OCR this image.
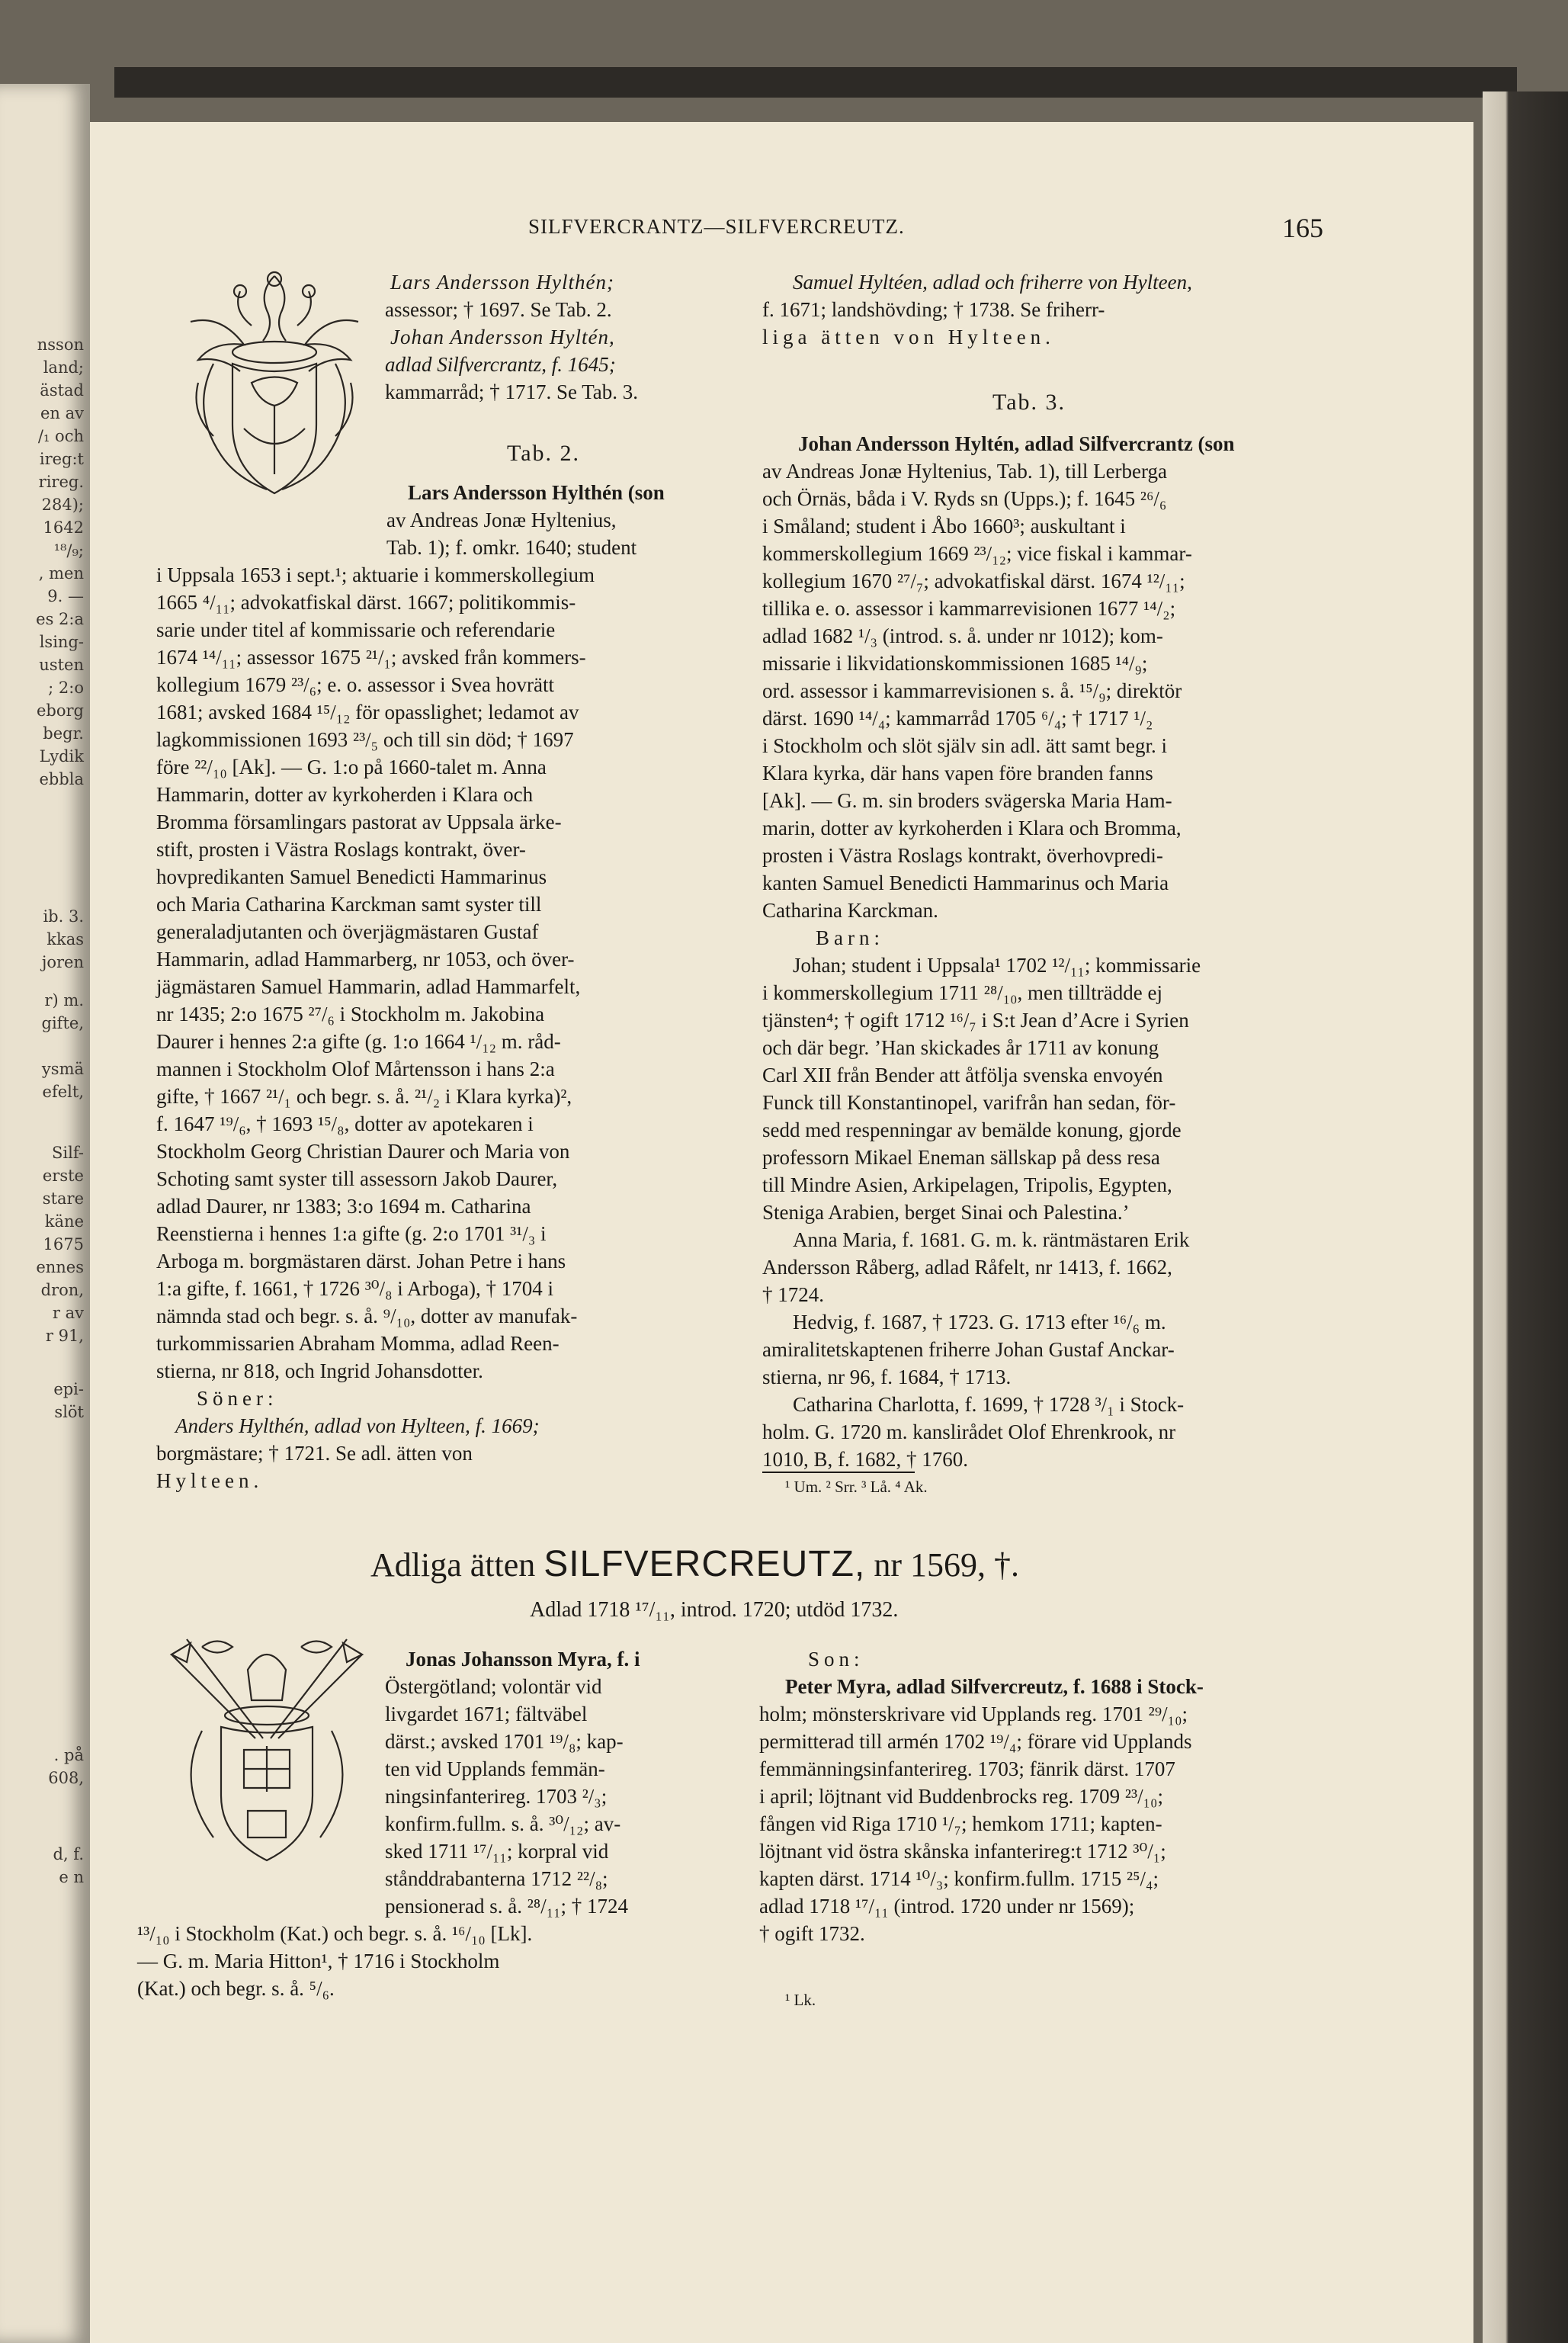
nsson
land;
ästad
en av
/₁ och
ireg:t
rireg.
284);
1642
¹⁸/₉;
, men
9. —
es 2:a
lsing-
usten
; 2:o
eborg
begr.
Lydik
ebbla
ib. 3.
kkas
joren
r) m.
gifte,
ysmä
efelt,
Silf-
erste
stare
käne
1675
ennes
dron,
r av
r 91,
epi-
slöt
. på
608,
d, f.
e n
SILFVERCRANTZ—SILFVERCREUTZ.	165
Lars Andersson Hylthén;
assessor; † 1697. Se Tab. 2.
Johan Andersson Hyltén,
adlad Silfvercrantz, f. 1645;
kammarråd; † 1717. Se Tab. 3.
Tab. 2.
Lars Andersson Hylthén (son
av Andreas Jonæ Hyltenius,
Tab. 1); f. omkr. 1640; student
i Uppsala 1653 i sept.¹; aktuarie i kommerskollegium
1665 ⁴/₁₁; advokatfiskal därst. 1667; politikommis-
sarie under titel af kommissarie och referendarie
1674 ¹⁴/₁₁; assessor 1675 ²¹/₁; avsked från kommers-
kollegium 1679 ²³/₆; e. o. assessor i Svea hovrätt
1681; avsked 1684 ¹⁵/₁₂ för opasslighet; ledamot av
lagkommissionen 1693 ²³/₅ och till sin död; † 1697
före ²²/₁₀ [Ak]. — G. 1:o på 1660-talet m. Anna
Hammarin, dotter av kyrkoherden i Klara och
Bromma församlingars pastorat av Uppsala ärke-
stift, prosten i Västra Roslags kontrakt, över-
hovpredikanten Samuel Benedicti Hammarinus
och Maria Catharina Karckman samt syster till
generaladjutanten och överjägmästaren Gustaf
Hammarin, adlad Hammarberg, nr 1053, och över-
jägmästaren Samuel Hammarin, adlad Hammarfelt,
nr 1435; 2:o 1675 ²⁷/₆ i Stockholm m. Jakobina
Daurer i hennes 2:a gifte (g. 1:o 1664 ¹/₁₂ m. råd-
mannen i Stockholm Olof Mårtensson i hans 2:a
gifte, † 1667 ²¹/₁ och begr. s. å. ²¹/₂ i Klara kyrka)²,
f. 1647 ¹⁹/₆, † 1693 ¹⁵/₈, dotter av apotekaren i
Stockholm Georg Christian Daurer och Maria von
Schoting samt syster till assessorn Jakob Daurer,
adlad Daurer, nr 1383; 3:o 1694 m. Catharina
Reenstierna i hennes 1:a gifte (g. 2:o 1701 ³¹/₃ i
Arboga m. borgmästaren därst. Johan Petre i hans
1:a gifte, f. 1661, † 1726 ³⁰/₈ i Arboga), † 1704 i
nämnda stad och begr. s. å. ⁹/₁₀, dotter av manufak-
turkommissarien Abraham Momma, adlad Reen-
stierna, nr 818, och Ingrid Johansdotter.
Söner:
Anders Hylthén, adlad von Hylteen, f. 1669;
borgmästare; † 1721. Se adl. ätten von
Hylteen.
Samuel Hyltéen, adlad och friherre von Hylteen,
f. 1671; landshövding; † 1738. Se friherr-
liga ätten von Hylteen.
Tab. 3.
Johan Andersson Hyltén, adlad Silfvercrantz (son
av Andreas Jonæ Hyltenius, Tab. 1), till Lerberga
och Örnäs, båda i V. Ryds sn (Upps.); f. 1645 ²⁶/₆
i Småland; student i Åbo 1660³; auskultant i
kommerskollegium 1669 ²³/₁₂; vice fiskal i kammar-
kollegium 1670 ²⁷/₇; advokatfiskal därst. 1674 ¹²/₁₁;
tillika e. o. assessor i kammarrevisionen 1677 ¹⁴/₂;
adlad 1682 ¹/₃ (introd. s. å. under nr 1012); kom-
missarie i likvidationskommissionen 1685 ¹⁴/₉;
ord. assessor i kammarrevisionen s. å. ¹⁵/₉; direktör
därst. 1690 ¹⁴/₄; kammarråd 1705 ⁶/₄; † 1717 ¹/₂
i Stockholm och slöt själv sin adl. ätt samt begr. i
Klara kyrka, där hans vapen före branden fanns
[Ak]. — G. m. sin broders svägerska Maria Ham-
marin, dotter av kyrkoherden i Klara och Bromma,
prosten i Västra Roslags kontrakt, överhovpredi-
kanten Samuel Benedicti Hammarinus och Maria
Catharina Karckman.
Barn:
Johan; student i Uppsala¹ 1702 ¹²/₁₁; kommissarie
i kommerskollegium 1711 ²⁸/₁₀, men tillträdde ej
tjänsten⁴; † ogift 1712 ¹⁶/₇ i S:t Jean d’Acre i Syrien
och där begr. ’Han skickades år 1711 av konung
Carl XII från Bender att åtfölja svenska envoyén
Funck till Konstantinopel, varifrån han sedan, för-
sedd med respenningar av bemälde konung, gjorde
professorn Mikael Eneman sällskap på dess resa
till Mindre Asien, Arkipelagen, Tripolis, Egypten,
Steniga Arabien, berget Sinai och Palestina.’
Anna Maria, f. 1681. G. m. k. räntmästaren Erik
Andersson Råberg, adlad Råfelt, nr 1413, f. 1662,
† 1724.
Hedvig, f. 1687, † 1723. G. 1713 efter ¹⁶/₆ m.
amiralitetskaptenen friherre Johan Gustaf Anckar-
stierna, nr 96, f. 1684, † 1713.
Catharina Charlotta, f. 1699, † 1728 ³/₁ i Stock-
holm. G. 1720 m. kanslirådet Olof Ehrenkrook, nr
1010, B, f. 1682, † 1760.
¹ Um. ² Srr. ³ Lå. ⁴ Ak.
Adliga ätten SILFVERCREUTZ, nr 1569, †.
Adlad 1718 ¹⁷/₁₁, introd. 1720; utdöd 1732.
Jonas Johansson Myra, f. i
Östergötland; volontär vid
livgardet 1671; fältväbel
därst.; avsked 1701 ¹⁹/₈; kap-
ten vid Upplands femmän-
ningsinfanterireg. 1703 ²/₃;
konfirm.fullm. s. å. ³⁰/₁₂; av-
sked 1711 ¹⁷/₁₁; korpral vid
stånddrabanterna 1712 ²²/₈;
pensionerad s. å. ²⁸/₁₁; † 1724
¹³/₁₀ i Stockholm (Kat.) och begr. s. å. ¹⁶/₁₀ [Lk].
— G. m. Maria Hitton¹, † 1716 i Stockholm
(Kat.) och begr. s. å. ⁵/₆.
Son:
Peter Myra, adlad Silfvercreutz, f. 1688 i Stock-
holm; mönsterskrivare vid Upplands reg. 1701 ²⁹/₁₀;
permitterad till armén 1702 ¹⁹/₄; förare vid Upplands
femmänningsinfanterireg. 1703; fänrik därst. 1707
i april; löjtnant vid Buddenbrocks reg. 1709 ²³/₁₀;
fången vid Riga 1710 ¹/₇; hemkom 1711; kapten-
löjtnant vid östra skånska infanterireg:t 1712 ³⁰/₁;
kapten därst. 1714 ¹⁰/₃; konfirm.fullm. 1715 ²⁵/₄;
adlad 1718 ¹⁷/₁₁ (introd. 1720 under nr 1569);
† ogift 1732.
¹ Lk.
